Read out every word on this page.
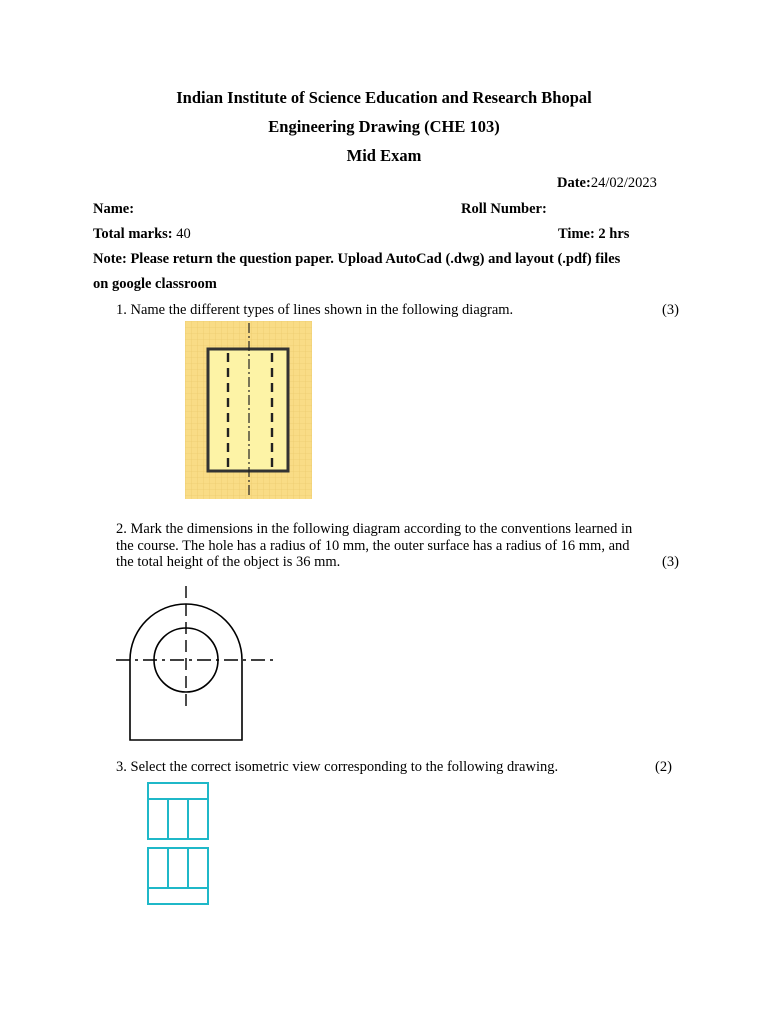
Indian Institute of Science Education and Research Bhopal
Engineering Drawing (CHE 103)
Mid Exam
Date:24/02/2023
Name:	Roll Number:
Total marks: 40	Time: 2 hrs
Note: Please return the question paper. Upload AutoCad (.dwg) and layout (.pdf) files
on google classroom
1. Name the different types of lines shown in the following diagram.	(3)
2. Mark the dimensions in the following diagram according to the conventions learned in
the course. The hole has a radius of 10 mm, the outer surface has a radius of 16 mm, and
the total height of the object is 36 mm.	(3)
3. Select the correct isometric view corresponding to the following drawing.	(2)
